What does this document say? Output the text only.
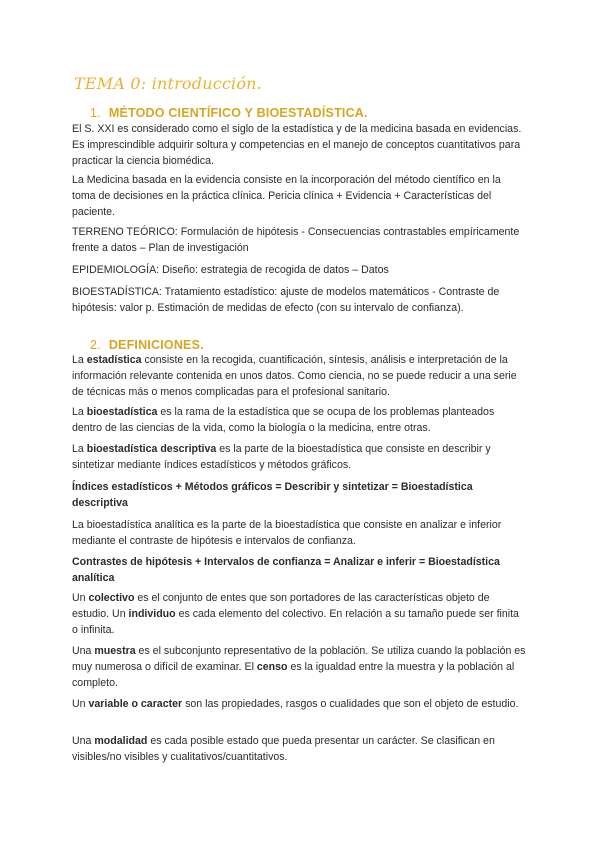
TEMA 0: introducción.
1. MÉTODO CIENTÍFICO Y BIOESTADÍSTICA.

El S. XXI es considerado como el siglo de la estadística y de la medicina basada en evidencias. Es imprescindible adquirir soltura y competencias en el manejo de conceptos cuantitativos para practicar la ciencia biomédica.

La Medicina basada en la evidencia consiste en la incorporación del método científico en la toma de decisiones en la práctica clínica. Pericia clínica + Evidencia + Características del paciente.

TERRENO TEÓRICO: Formulación de hipótesis - Consecuencias contrastables empíricamente frente a datos – Plan de investigación

EPIDEMIOLOGÍA: Diseño: estrategia de recogida de datos – Datos

BIOESTADÍSTICA: Tratamiento estadístico: ajuste de modelos matemáticos - Contraste de hipótesis: valor p. Estimación de medidas de efecto (con su intervalo de confianza).

2. DEFINICIONES.

La estadística consiste en la recogida, cuantificación, síntesis, análisis e interpretación de la información relevante contenida en unos datos. Como ciencia, no se puede reducir a una serie de técnicas más o menos complicadas para el profesional sanitario.

La bioestadística es la rama de la estadística que se ocupa de los problemas planteados dentro de las ciencias de la vida, como la biología o la medicina, entre otras.

La bioestadística descriptiva es la parte de la bioestadística que consiste en describir y sintetizar mediante índices estadísticos y métodos gráficos.

Índices estadísticos + Métodos gráficos = Describir y sintetizar = Bioestadística descriptiva

La bioestadística analítica es la parte de la bioestadística que consiste en analizar e inferior mediante el contraste de hipótesis e intervalos de confianza.

Contrastes de hipótesis + Intervalos de confianza = Analizar e inferir = Bioestadística analítica

Un colectivo es el conjunto de entes que son portadores de las características objeto de estudio. Un individuo es cada elemento del colectivo. En relación a su tamaño puede ser finita o infinita.

Una muestra es el subconjunto representativo de la población. Se utiliza cuando la población es muy numerosa o difícil de examinar. El censo es la igualdad entre la muestra y la población al completo.

Un variable o caracter son las propiedades, rasgos o cualidades que son el objeto de estudio.

Una modalidad es cada posible estado que pueda presentar un carácter. Se clasifican en visibles/no visibles y cualitativos/cuantitativos.
